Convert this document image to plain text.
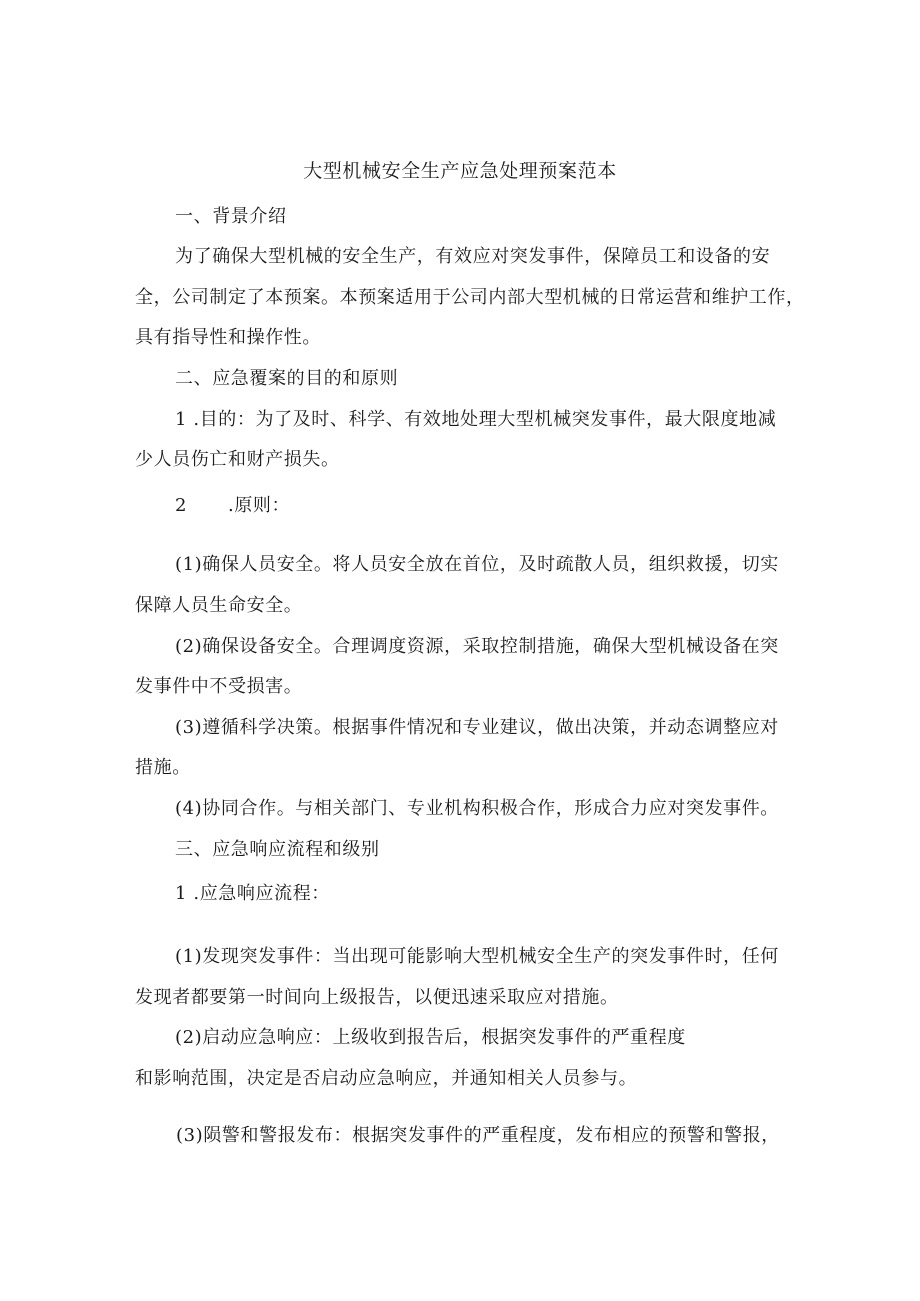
大型机械安全生产应急处理预案范本
一、背景介绍
为了确保大型机械的安全生产，有效应对突发事件，保障员工和设备的安
全，公司制定了本预案。本预案适用于公司内部大型机械的日常运营和维护工作，
具有指导性和操作性。
二、应急覆案的目的和原则
1 .目的：为了及时、科学、有效地处理大型机械突发事件，最大限度地减
少人员伤亡和财产损失。
2 .原则：
(1)确保人员安全。将人员安全放在首位，及时疏散人员，组织救援，切实
保障人员生命安全。
(2)确保设备安全。合理调度资源，采取控制措施，确保大型机械设备在突
发事件中不受损害。
(3)遵循科学决策。根据事件情况和专业建议，做出决策，并动态调整应对
措施。
(4)协同合作。与相关部门、专业机构积极合作，形成合力应对突发事件。
三、应急响应流程和级别
1 .应急响应流程：
(1)发现突发事件：当出现可能影响大型机械安全生产的突发事件时，任何
发现者都要第一时间向上级报告，以便迅速采取应对措施。
(2)启动应急响应：上级收到报告后，根据突发事件的严重程度
和影响范围，决定是否启动应急响应，并通知相关人员参与。
(3)陨警和警报发布：根据突发事件的严重程度，发布相应的预警和警报，
